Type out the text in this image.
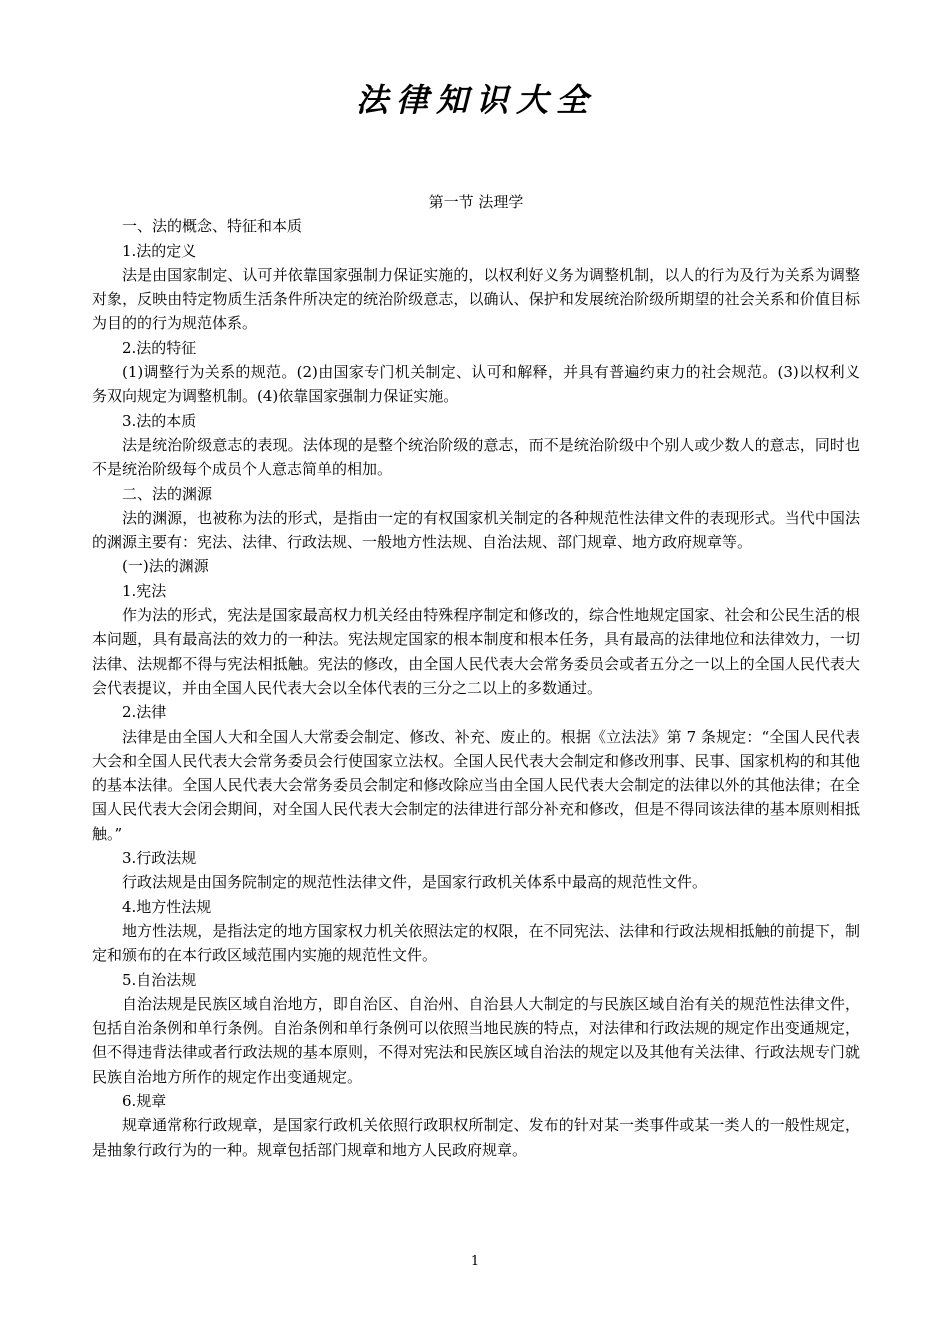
法律知识大全

第一节 法理学

一、法的概念、特征和本质

1.法的定义

法是由国家制定、认可并依靠国家强制力保证实施的，以权利好义务为调整机制，以人的行为及行为关系为调整对象，反映由特定物质生活条件所决定的统治阶级意志，以确认、保护和发展统治阶级所期望的社会关系和价值目标为目的的行为规范体系。

2.法的特征

(1)调整行为关系的规范。(2)由国家专门机关制定、认可和解释，并具有普遍约束力的社会规范。(3)以权利义务双向规定为调整机制。(4)依靠国家强制力保证实施。

3.法的本质

法是统治阶级意志的表现。法体现的是整个统治阶级的意志，而不是统治阶级中个别人或少数人的意志，同时也不是统治阶级每个成员个人意志简单的相加。

二、法的渊源

法的渊源，也被称为法的形式，是指由一定的有权国家机关制定的各种规范性法律文件的表现形式。当代中国法的渊源主要有：宪法、法律、行政法规、一般地方性法规、自治法规、部门规章、地方政府规章等。

(一)法的渊源

1.宪法

作为法的形式，宪法是国家最高权力机关经由特殊程序制定和修改的，综合性地规定国家、社会和公民生活的根本问题，具有最高法的效力的一种法。宪法规定国家的根本制度和根本任务，具有最高的法律地位和法律效力，一切法律、法规都不得与宪法相抵触。宪法的修改，由全国人民代表大会常务委员会或者五分之一以上的全国人民代表大会代表提议，并由全国人民代表大会以全体代表的三分之二以上的多数通过。

2.法律

法律是由全国人大和全国人大常委会制定、修改、补充、废止的。根据《立法法》第 7 条规定：“全国人民代表大会和全国人民代表大会常务委员会行使国家立法权。全国人民代表大会制定和修改刑事、民事、国家机构的和其他的基本法律。全国人民代表大会常务委员会制定和修改除应当由全国人民代表大会制定的法律以外的其他法律；在全国人民代表大会闭会期间，对全国人民代表大会制定的法律进行部分补充和修改，但是不得同该法律的基本原则相抵触。”

3.行政法规

行政法规是由国务院制定的规范性法律文件，是国家行政机关体系中最高的规范性文件。

4.地方性法规

地方性法规，是指法定的地方国家权力机关依照法定的权限，在不同宪法、法律和行政法规相抵触的前提下，制定和颁布的在本行政区域范围内实施的规范性文件。

5.自治法规

自治法规是民族区域自治地方，即自治区、自治州、自治县人大制定的与民族区域自治有关的规范性法律文件，包括自治条例和单行条例。自治条例和单行条例可以依照当地民族的特点，对法律和行政法规的规定作出变通规定，但不得违背法律或者行政法规的基本原则，不得对宪法和民族区域自治法的规定以及其他有关法律、行政法规专门就民族自治地方所作的规定作出变通规定。

6.规章

规章通常称行政规章，是国家行政机关依照行政职权所制定、发布的针对某一类事件或某一类人的一般性规定，是抽象行政行为的一种。规章包括部门规章和地方人民政府规章。

1
